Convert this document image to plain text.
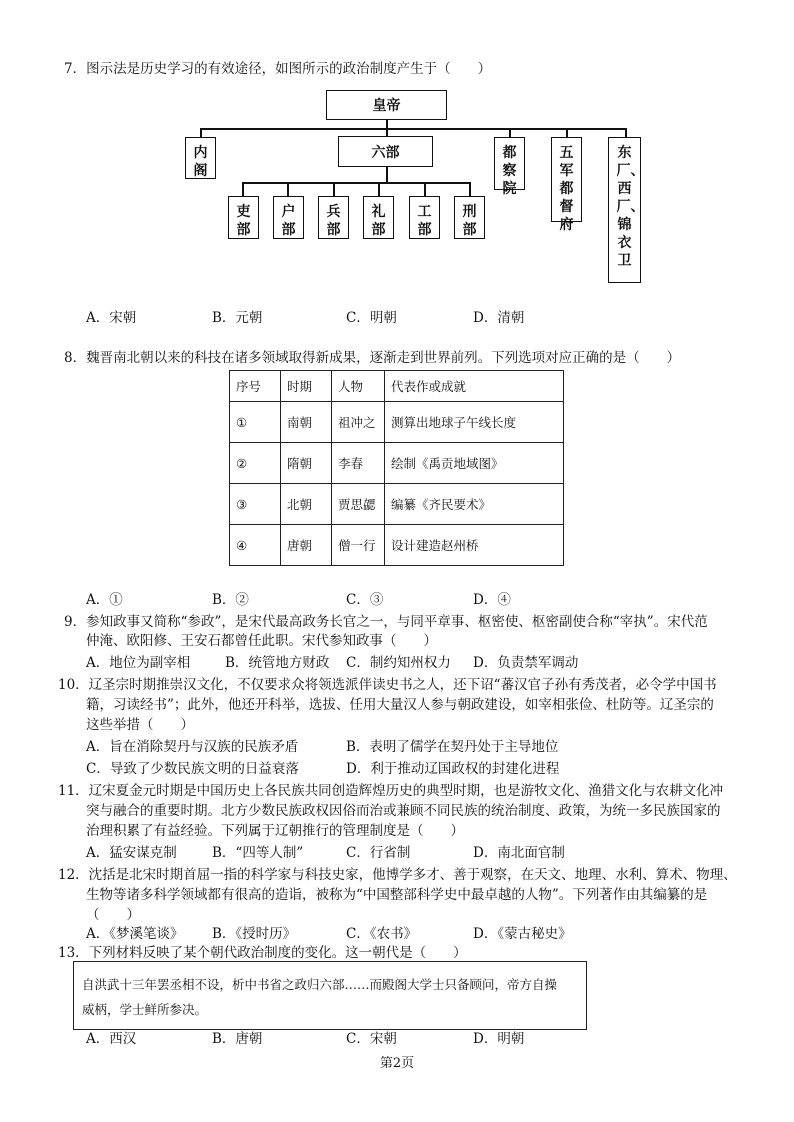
7．图示法是历史学习的有效途径，如图所示的政治制度产生于（　　）
皇帝
内阁
六部	都察院
五军都督府
东厂、西厂、锦衣卫
吏部
户部
兵部
礼部
工部
刑部
A．宋朝	B．元朝	C．明朝	D．清朝
8．魏晋南北朝以来的科技在诸多领域取得新成果，逐渐走到世界前列。下列选项对应正确的是（　　）
序号	时期	人物	代表作或成就
①	南朝	祖冲之	测算出地球子午线长度
②	隋朝	李春	绘制《禹贡地域图》
③	北朝	贾思勰	编纂《齐民要术》
④	唐朝	僧一行	设计建造赵州桥
A．①	B．②	C．③	D．④
9．参知政事又简称“参政”，是宋代最高政务长官之一，与同平章事、枢密使、枢密副使合称“宰执”。宋代范
仲淹、欧阳修、王安石都曾任此职。宋代参知政事（　　）
A．地位为副宰相	B．统管地方财政 C．制约知州权力 D．负责禁军调动
10．辽圣宗时期推崇汉文化，不仅要求众将领选派伴读史书之人，还下诏“蕃汉官子孙有秀茂者，必令学中国书
籍，习读经书”；此外，他还开科举，选拔、任用大量汉人参与朝政建设，如宰相张俭、杜防等。辽圣宗的
这些举措（　　）
A．旨在消除契丹与汉族的民族矛盾	B．表明了儒学在契丹处于主导地位
C．导致了少数民族文明的日益衰落	D．利于推动辽国政权的封建化进程
11．辽宋夏金元时期是中国历史上各民族共同创造辉煌历史的典型时期，也是游牧文化、渔猎文化与农耕文化冲
突与融合的重要时期。北方少数民族政权因俗而治或兼顾不同民族的统治制度、政策，为统一多民族国家的
治理积累了有益经验。下列属于辽朝推行的管理制度是（　　）
A．猛安谋克制	B．“四等人制”	C．行省制	D．南北面官制
12．沈括是北宋时期首屈一指的科学家与科技史家，他博学多才、善于观察，在天文、地理、水利、算术、物理、
生物等诸多科学领域都有很高的造诣，被称为“中国整部科学史中最卓越的人物”。下列著作由其编纂的是
（　　）
A．《梦溪笔谈》 B．《授时历》	C．《农书》	D．《蒙古秘史》
13．下列材料反映了某个朝代政治制度的变化。这一朝代是（　　）
自洪武十三年罢丞相不设，析中书省之政归六部……而殿阁大学士只备顾问，帝方自操
威柄，学士鲜所参决。
A．西汉	B．唐朝	C．宋朝	D．明朝
第2页
